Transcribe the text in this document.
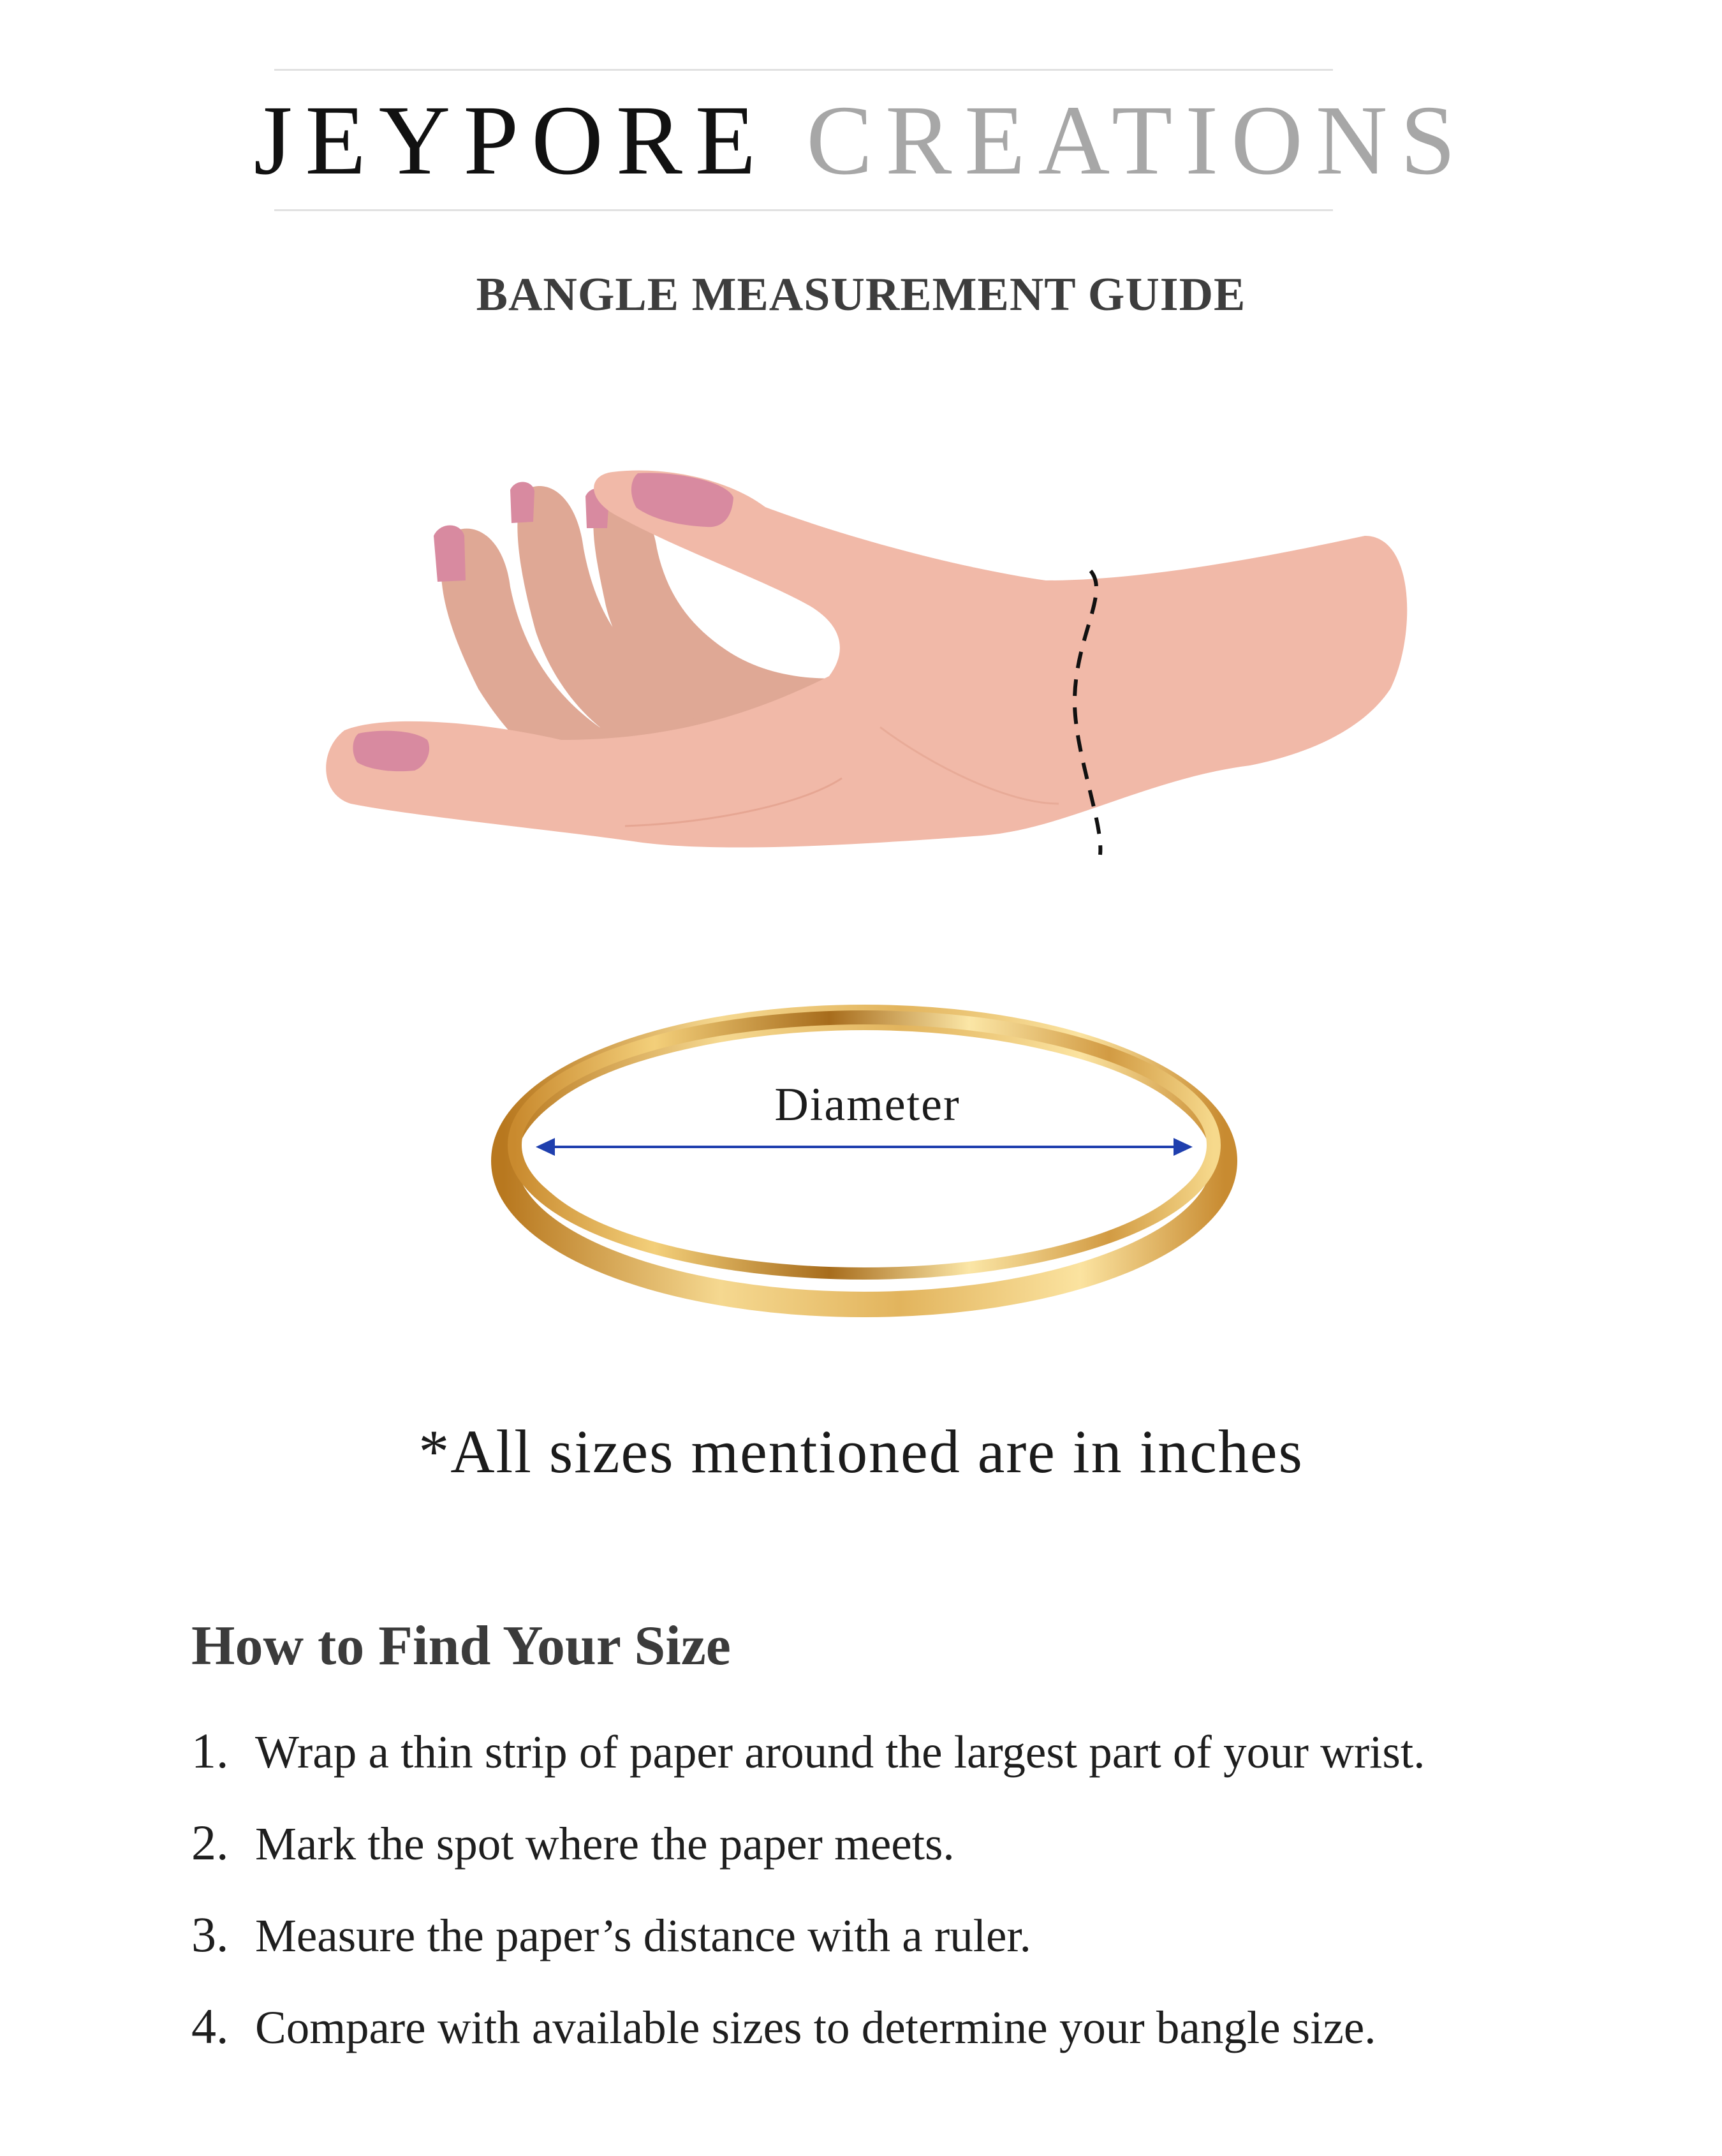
JEYPORE CREATIONS
BANGLE MEASUREMENT GUIDE
Diameter
*All sizes mentioned are in inches
How to Find Your Size
1. Wrap a thin strip of paper around the largest part of your wrist.
2. Mark the spot where the paper meets.
3. Measure the paper’s distance with a ruler.
4. Compare with available sizes to determine your bangle size.
